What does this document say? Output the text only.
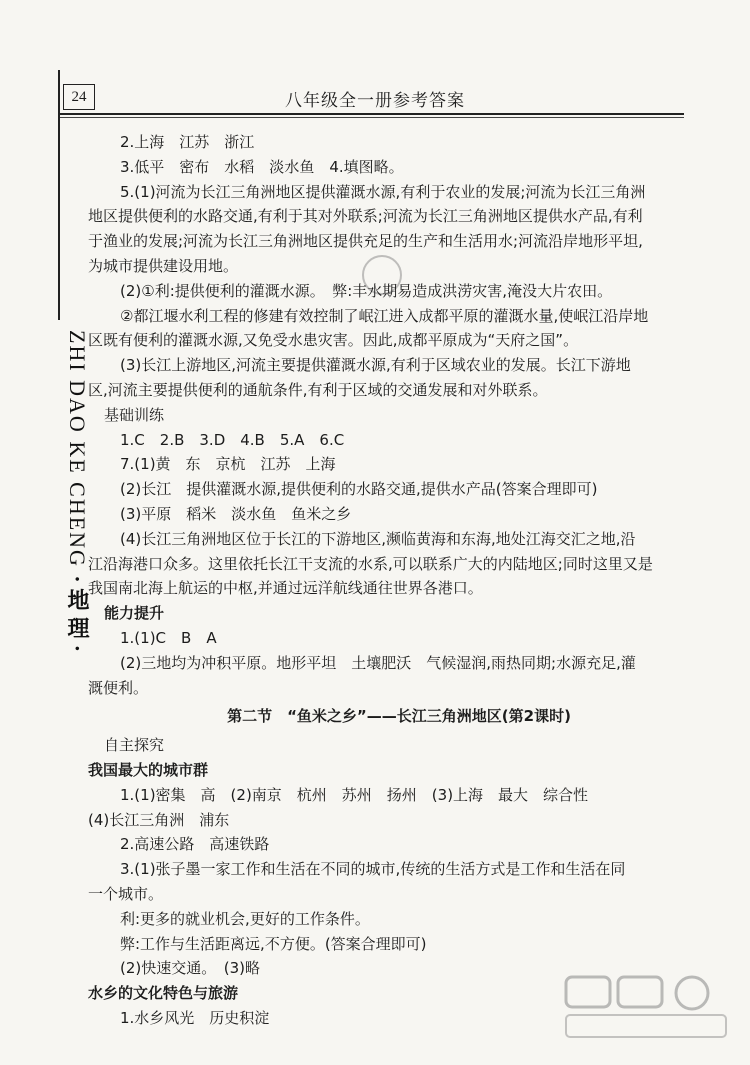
24	八年级全一册参考答案
ZHI DAO KE CHENG ·地理·

2.上海　江苏　浙江

3.低平　密布　水稻　淡水鱼　4.填图略。

5.(1)河流为长江三角洲地区提供灌溉水源,有利于农业的发展;河流为长江三角洲

地区提供便利的水路交通,有利于其对外联系;河流为长江三角洲地区提供水产品,有利

于渔业的发展;河流为长江三角洲地区提供充足的生产和生活用水;河流沿岸地形平坦,

为城市提供建设用地。

(2)①利:提供便利的灌溉水源。　弊:丰水期易造成洪涝灾害,淹没大片农田。

②都江堰水利工程的修建有效控制了岷江进入成都平原的灌溉水量,使岷江沿岸地

区既有便利的灌溉水源,又免受水患灾害。因此,成都平原成为“天府之国”。

(3)长江上游地区,河流主要提供灌溉水源,有利于区域农业的发展。长江下游地

区,河流主要提供便利的通航条件,有利于区域的交通发展和对外联系。

基础训练

1.C　2.B　3.D　4.B　5.A　6.C

7.(1)黄　东　京杭　江苏　上海

(2)长江　提供灌溉水源,提供便利的水路交通,提供水产品(答案合理即可)

(3)平原　稻米　淡水鱼　鱼米之乡

(4)长江三角洲地区位于长江的下游地区,濒临黄海和东海,地处江海交汇之地,沿

江沿海港口众多。这里依托长江干支流的水系,可以联系广大的内陆地区;同时这里又是

我国南北海上航运的中枢,并通过远洋航线通往世界各港口。

能力提升

1.(1)C　B　A

(2)三地均为冲积平原。地形平坦　土壤肥沃　气候湿润,雨热同期;水源充足,灌

溉便利。

第二节　“鱼米之乡”——长江三角洲地区(第2课时)

自主探究

我国最大的城市群

1.(1)密集　高　(2)南京　杭州　苏州　扬州　(3)上海　最大　综合性

(4)长江三角洲　浦东

2.高速公路　高速铁路

3.(1)张子墨一家工作和生活在不同的城市,传统的生活方式是工作和生活在同

一个城市。

利:更多的就业机会,更好的工作条件。

弊:工作与生活距离远,不方便。(答案合理即可)

(2)快速交通。　(3)略

水乡的文化特色与旅游

1.水乡风光　历史积淀
